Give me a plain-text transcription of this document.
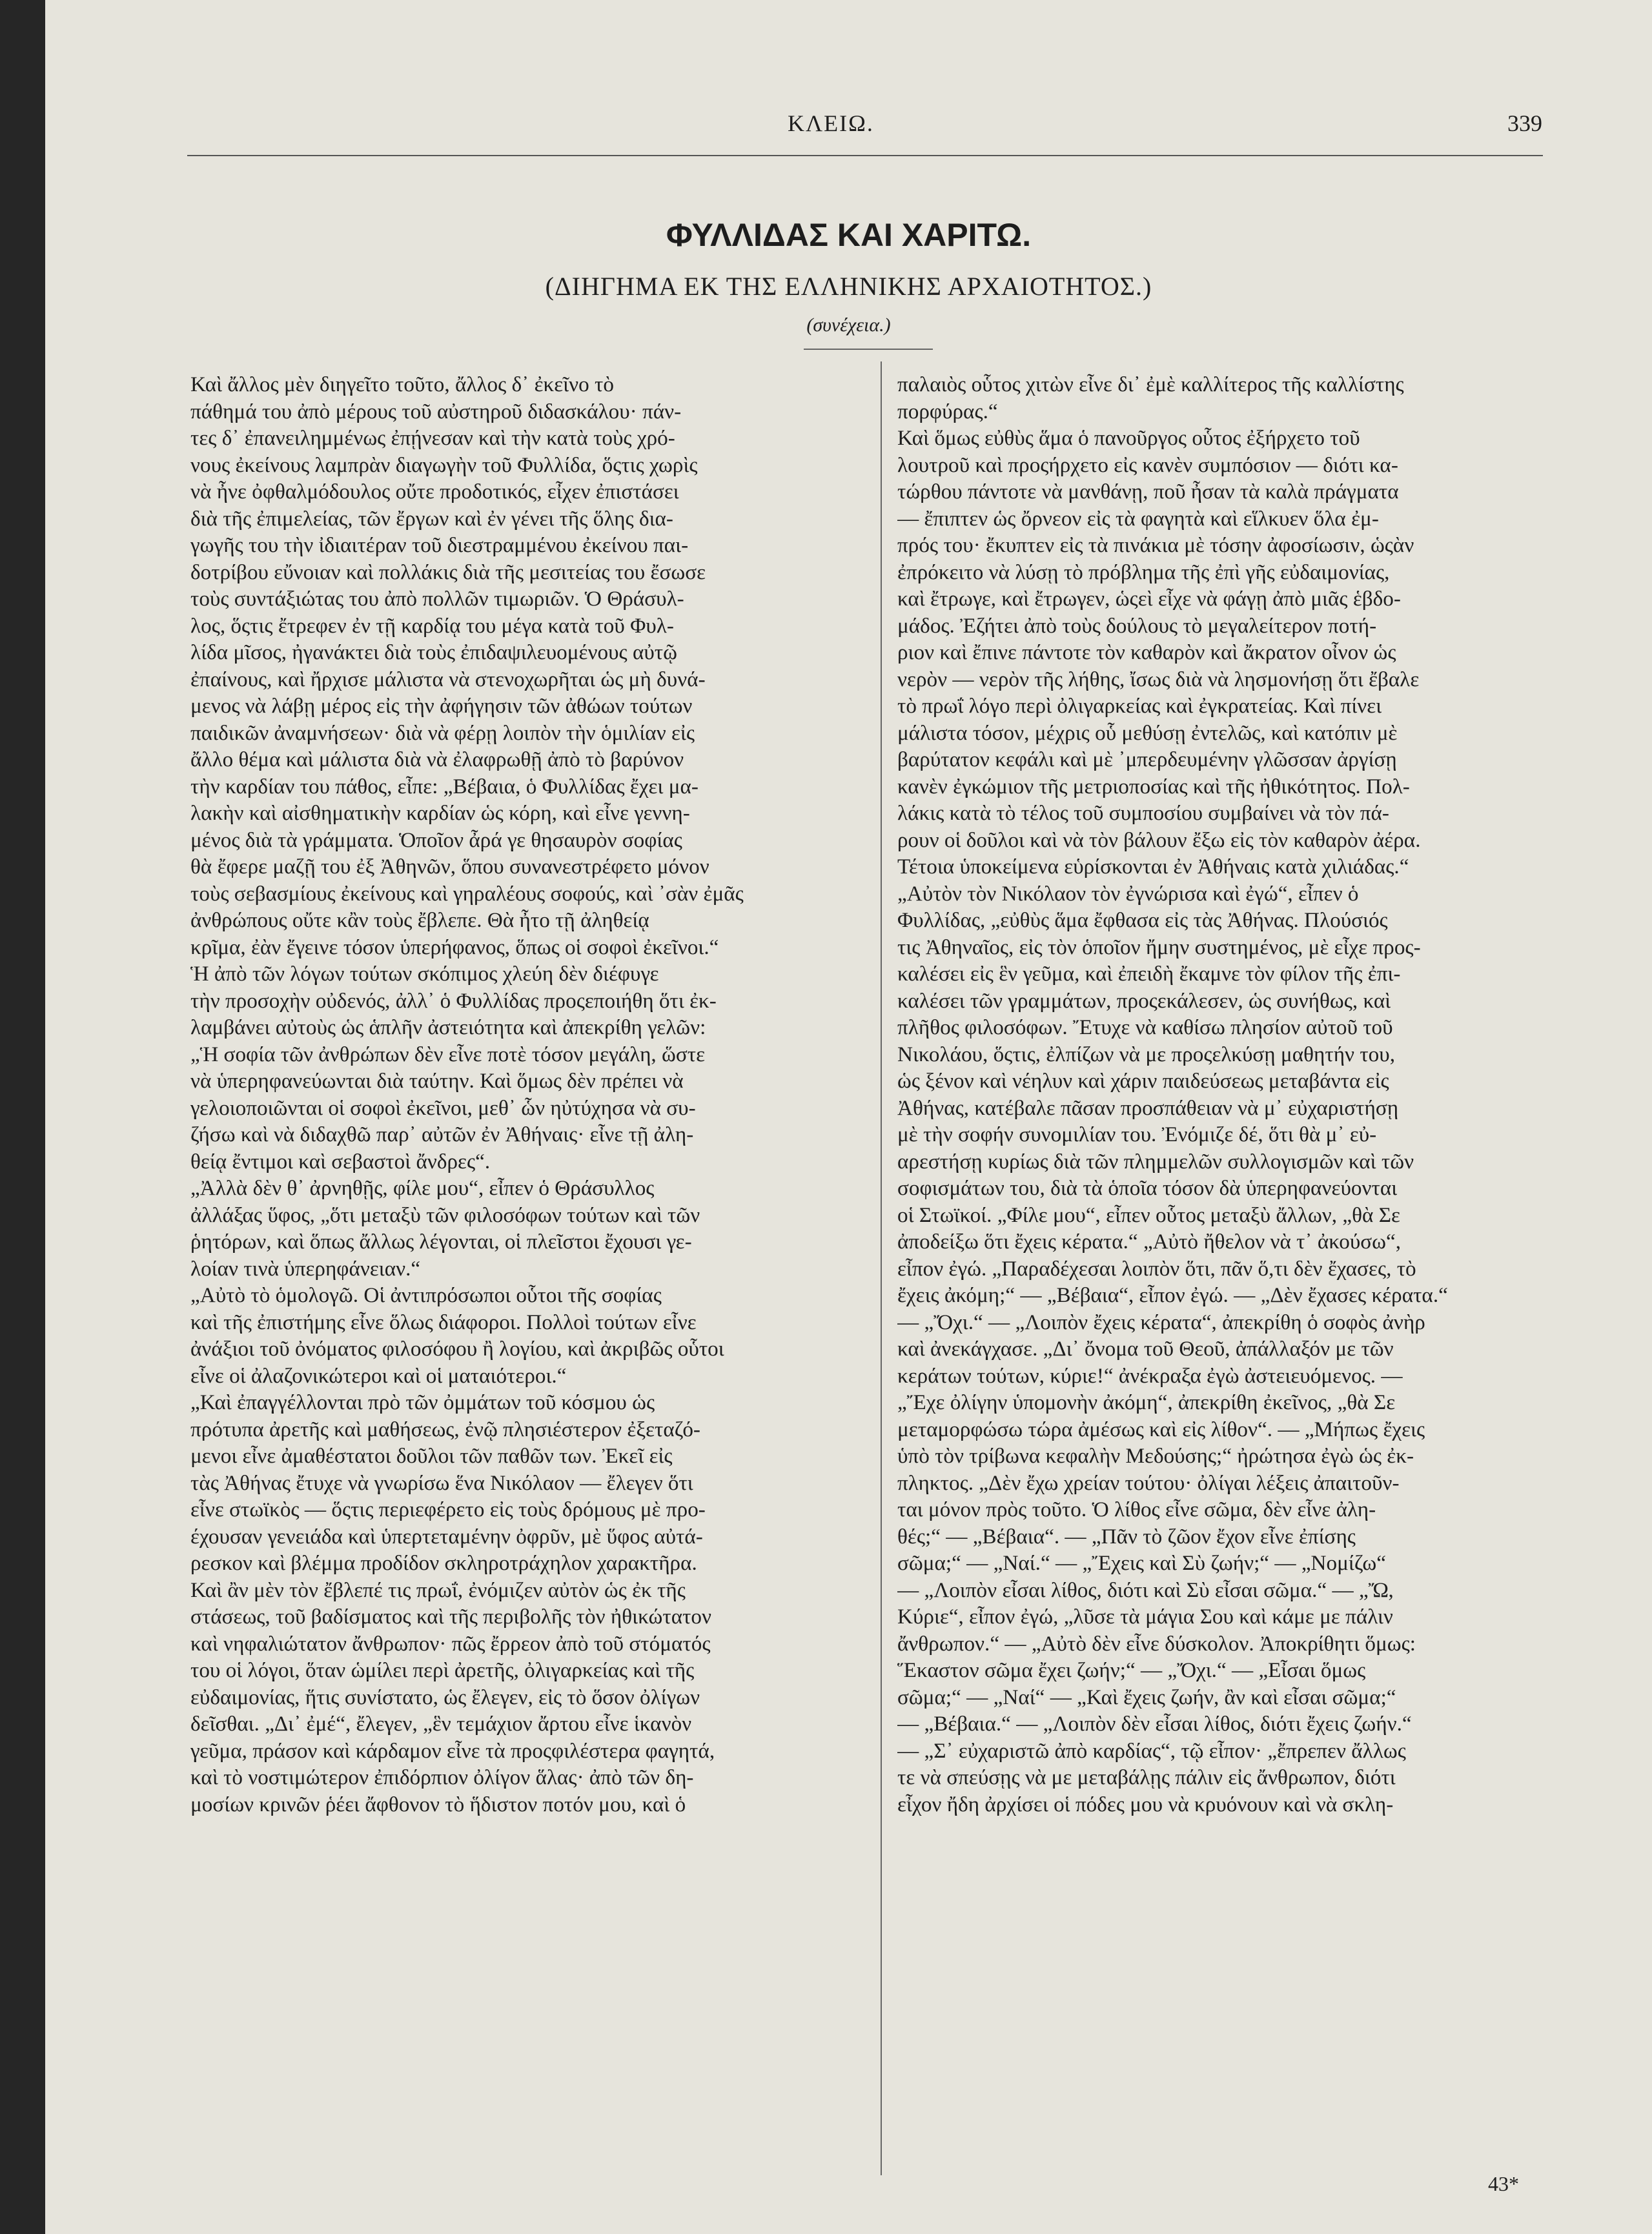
ΚΛΕΙΩ.	339
ΦΥΛΛΙΔΑΣ ΚΑΙ ΧΑΡΙΤΩ.
(ΔΙΗΓΗΜΑ ΕΚ ΤΗΣ ΕΛΛΗΝΙΚΗΣ ΑΡΧΑΙΟΤΗΤΟΣ.)
(συνέχεια.)
Καὶ ἄλλος μὲν διηγεῖτο τοῦτο, ἄλλος δ᾽ ἐκεῖνο τὸ
πάθημά του ἀπὸ μέρους τοῦ αὐστηροῦ διδασκάλου· πάν-
τες δ᾽ ἐπανειλημμένως ἐπῄνεσαν καὶ τὴν κατὰ τοὺς χρό-
νους ἐκείνους λαμπρὰν διαγωγὴν τοῦ Φυλλίδα, ὅςτις χωρὶς
νὰ ἦνε ὀφθαλμόδουλος οὔτε προδοτικός, εἶχεν ἐπιστάσει
διὰ τῆς ἐπιμελείας, τῶν ἔργων καὶ ἐν γένει τῆς ὅλης δια-
γωγῆς του τὴν ἰδιαιτέραν τοῦ διεστραμμένου ἐκείνου παι-
δοτρίβου εὔνοιαν καὶ πολλάκις διὰ τῆς μεσιτείας του ἔσωσε
τοὺς συντάξιώτας του ἀπὸ πολλῶν τιμωριῶν. Ὁ Θράσυλ-
λος, ὅςτις ἔτρεφεν ἐν τῇ καρδίᾳ του μέγα κατὰ τοῦ Φυλ-
λίδα μῖσος, ἠγανάκτει διὰ τοὺς ἐπιδαψιλευομένους αὐτῷ
ἐπαίνους, καὶ ἤρχισε μάλιστα νὰ στενοχωρῆται ὡς μὴ δυνά-
μενος νὰ λάβῃ μέρος εἰς τὴν ἀφήγησιν τῶν ἀθώων τούτων
παιδικῶν ἀναμνήσεων· διὰ νὰ φέρῃ λοιπὸν τὴν ὁμιλίαν εἰς
ἄλλο θέμα καὶ μάλιστα διὰ νὰ ἐλαφρωθῇ ἀπὸ τὸ βαρύνον
τὴν καρδίαν του πάθος, εἶπε: „Βέβαια, ὁ Φυλλίδας ἔχει μα-
λακὴν καὶ αἰσθηματικὴν καρδίαν ὡς κόρη, καὶ εἶνε γεννη-
μένος διὰ τὰ γράμματα. Ὁποῖον ἆρά γε θησαυρὸν σοφίας
θὰ ἔφερε μαζῇ του ἐξ Ἀθηνῶν, ὅπου συνανεστρέφετο μόνον
τοὺς σεβασμίους ἐκείνους καὶ γηραλέους σοφούς, καὶ ᾽σὰν ἐμᾶς
ἀνθρώπους οὔτε κἂν τοὺς ἔβλεπε. Θὰ ἦτο τῇ ἀληθείᾳ
κρῖμα, ἐὰν ἔγεινε τόσον ὑπερήφανος, ὅπως οἱ σοφοὶ ἐκεῖνοι.“
Ἡ ἀπὸ τῶν λόγων τούτων σκόπιμος χλεύη δὲν διέφυγε
τὴν προσοχὴν οὐδενός, ἀλλ᾽ ὁ Φυλλίδας προςεποιήθη ὅτι ἐκ-
λαμβάνει αὐτοὺς ὡς ἁπλῆν ἀστειότητα καὶ ἀπεκρίθη γελῶν:
„Ἡ σοφία τῶν ἀνθρώπων δὲν εἶνε ποτὲ τόσον μεγάλη, ὥστε
νὰ ὑπερηφανεύωνται διὰ ταύτην. Καὶ ὅμως δὲν πρέπει νὰ
γελοιοποιῶνται οἱ σοφοὶ ἐκεῖνοι, μεθ᾽ ὧν ηὐτύχησα νὰ συ-
ζήσω καὶ νὰ διδαχθῶ παρ᾽ αὐτῶν ἐν Ἀθήναις· εἶνε τῇ ἀλη-
θείᾳ ἔντιμοι καὶ σεβαστοὶ ἄνδρες“.
„Ἀλλὰ δὲν θ᾽ ἀρνηθῇς, φίλε μου“, εἶπεν ὁ Θράσυλλος
ἀλλάξας ὕφος, „ὅτι μεταξὺ τῶν φιλοσόφων τούτων καὶ τῶν
ῥητόρων, καὶ ὅπως ἄλλως λέγονται, οἱ πλεῖστοι ἔχουσι γε-
λοίαν τινὰ ὑπερηφάνειαν.“
„Αὐτὸ τὸ ὁμολογῶ. Οἱ ἀντιπρόσωποι οὗτοι τῆς σοφίας
καὶ τῆς ἐπιστήμης εἶνε ὅλως διάφοροι. Πολλοὶ τούτων εἶνε
ἀνάξιοι τοῦ ὀνόματος φιλοσόφου ἢ λογίου, καὶ ἀκριβῶς οὗτοι
εἶνε οἱ ἀλαζονικώτεροι καὶ οἱ ματαιότεροι.“
„Καὶ ἐπαγγέλλονται πρὸ τῶν ὀμμάτων τοῦ κόσμου ὡς
πρότυπα ἀρετῆς καὶ μαθήσεως, ἐνῷ πλησιέστερον ἐξεταζό-
μενοι εἶνε ἀμαθέστατοι δοῦλοι τῶν παθῶν των. Ἐκεῖ εἰς
τὰς Ἀθήνας ἔτυχε νὰ γνωρίσω ἕνα Νικόλαον — ἔλεγεν ὅτι
εἶνε στωϊκὸς — ὅςτις περιεφέρετο εἰς τοὺς δρόμους μὲ προ-
έχουσαν γενειάδα καὶ ὑπερτεταμένην ὀφρῦν, μὲ ὕφος αὐτά-
ρεσκον καὶ βλέμμα προδίδον σκληροτράχηλον χαρακτῆρα.
Καὶ ἂν μὲν τὸν ἔβλεπέ τις πρωΐ, ἐνόμιζεν αὐτὸν ὡς ἐκ τῆς
στάσεως, τοῦ βαδίσματος καὶ τῆς περιβολῆς τὸν ἠθικώτατον
καὶ νηφαλιώτατον ἄνθρωπον· πῶς ἔρρεον ἀπὸ τοῦ στόματός
του οἱ λόγοι, ὅταν ὡμίλει περὶ ἀρετῆς, ὀλιγαρκείας καὶ τῆς
εὐδαιμονίας, ἥτις συνίστατο, ὡς ἔλεγεν, εἰς τὸ ὅσον ὀλίγων
δεῖσθαι. „Δι᾽ ἐμέ“, ἔλεγεν, „ἓν τεμάχιον ἄρτου εἶνε ἱκανὸν
γεῦμα, πράσον καὶ κάρδαμον εἶνε τὰ προςφιλέστερα φαγητά,
καὶ τὸ νοστιμώτερον ἐπιδόρπιον ὀλίγον ἅλας· ἀπὸ τῶν δη-
μοσίων κρινῶν ῥέει ἄφθονον τὸ ἥδιστον ποτόν μου, καὶ ὁ
παλαιὸς οὗτος χιτὼν εἶνε δι᾽ ἐμὲ καλλίτερος τῆς καλλίστης
πορφύρας.“
Καὶ ὅμως εὐθὺς ἅμα ὁ πανοῦργος οὗτος ἐξήρχετο τοῦ
λουτροῦ καὶ προςήρχετο εἰς κανὲν συμπόσιον — διότι κα-
τώρθου πάντοτε νὰ μανθάνῃ, ποῦ ἦσαν τὰ καλὰ πράγματα
— ἔπιπτεν ὡς ὄρνεον εἰς τὰ φαγητὰ καὶ εἵλκυεν ὅλα ἐμ-
πρός του· ἔκυπτεν εἰς τὰ πινάκια μὲ τόσην ἀφοσίωσιν, ὡςὰν
ἐπρόκειτο νὰ λύσῃ τὸ πρόβλημα τῆς ἐπὶ γῆς εὐδαιμονίας,
καὶ ἔτρωγε, καὶ ἔτρωγεν, ὡςεὶ εἶχε νὰ φάγῃ ἀπὸ μιᾶς ἑβδο-
μάδος. Ἐζήτει ἀπὸ τοὺς δούλους τὸ μεγαλείτερον ποτή-
ριον καὶ ἔπινε πάντοτε τὸν καθαρὸν καὶ ἄκρατον οἶνον ὡς
νερὸν — νερὸν τῆς λήθης, ἴσως διὰ νὰ λησμονήσῃ ὅτι ἔβαλε
τὸ πρωΐ λόγο περὶ ὀλιγαρκείας καὶ ἐγκρατείας. Καὶ πίνει
μάλιστα τόσον, μέχρις οὗ μεθύσῃ ἐντελῶς, καὶ κατόπιν μὲ
βαρύτατον κεφάλι καὶ μὲ ᾽μπερδευμένην γλῶσσαν ἀργίσῃ
κανὲν ἐγκώμιον τῆς μετριοποσίας καὶ τῆς ἠθικότητος. Πολ-
λάκις κατὰ τὸ τέλος τοῦ συμποσίου συμβαίνει νὰ τὸν πά-
ρουν οἱ δοῦλοι καὶ νὰ τὸν βάλουν ἔξω εἰς τὸν καθαρὸν ἀέρα.
Τέτοια ὑποκείμενα εὑρίσκονται ἐν Ἀθήναις κατὰ χιλιάδας.“
„Αὐτὸν τὸν Νικόλαον τὸν ἐγνώρισα καὶ ἐγώ“, εἶπεν ὁ
Φυλλίδας, „εὐθὺς ἅμα ἔφθασα εἰς τὰς Ἀθήνας. Πλούσιός
τις Ἀθηναῖος, εἰς τὸν ὁποῖον ἤμην συστημένος, μὲ εἶχε προς-
καλέσει εἰς ἓν γεῦμα, καὶ ἐπειδὴ ἔκαμνε τὸν φίλον τῆς ἐπι-
καλέσει τῶν γραμμάτων, προςεκάλεσεν, ὡς συνήθως, καὶ
πλῆθος φιλοσόφων. Ἔτυχε νὰ καθίσω πλησίον αὐτοῦ τοῦ
Νικολάου, ὅςτις, ἐλπίζων νὰ με προςελκύσῃ μαθητήν του,
ὡς ξένον καὶ νέηλυν καὶ χάριν παιδεύσεως μεταβάντα εἰς
Ἀθήνας, κατέβαλε πᾶσαν προσπάθειαν νὰ μ᾽ εὐχαριστήσῃ
μὲ τὴν σοφήν συνομιλίαν του. Ἐνόμιζε δέ, ὅτι θὰ μ᾽ εὐ-
αρεστήσῃ κυρίως διὰ τῶν πλημμελῶν συλλογισμῶν καὶ τῶν
σοφισμάτων του, διὰ τὰ ὁποῖα τόσον δὰ ὑπερηφανεύονται
οἱ Στωϊκοί. „Φίλε μου“, εἶπεν οὗτος μεταξὺ ἄλλων, „θὰ Σε
ἀποδείξω ὅτι ἔχεις κέρατα.“ „Αὐτὸ ἤθελον νὰ τ᾽ ἀκούσω“,
εἶπον ἐγώ. „Παραδέχεσαι λοιπὸν ὅτι, πᾶν ὅ,τι δὲν ἔχασες, τὸ
ἔχεις ἀκόμη;“ — „Βέβαια“, εἶπον ἐγώ. — „Δὲν ἔχασες κέρατα.“
— „Ὄχι.“ — „Λοιπὸν ἔχεις κέρατα“, ἀπεκρίθη ὁ σοφὸς ἀνὴρ
καὶ ἀνεκάγχασε. „Δι᾽ ὄνομα τοῦ Θεοῦ, ἀπάλλαξόν με τῶν
κεράτων τούτων, κύριε!“ ἀνέκραξα ἐγὼ ἀστειευόμενος. —
„Ἔχε ὀλίγην ὑπομονὴν ἀκόμη“, ἀπεκρίθη ἐκεῖνος, „θὰ Σε
μεταμορφώσω τώρα ἀμέσως καὶ εἰς λίθον“. — „Μήπως ἔχεις
ὑπὸ τὸν τρίβωνα κεφαλὴν Μεδούσης;“ ἠρώτησα ἐγὼ ὡς ἐκ-
πληκτος. „Δὲν ἔχω χρείαν τούτου· ὀλίγαι λέξεις ἀπαιτοῦν-
ται μόνον πρὸς τοῦτο. Ὁ λίθος εἶνε σῶμα, δὲν εἶνε ἀλη-
θές;“ — „Βέβαια“. — „Πᾶν τὸ ζῶον ἔχον εἶνε ἐπίσης
σῶμα;“ — „Ναί.“ — „Ἔχεις καὶ Σὺ ζωήν;“ — „Νομίζω“
— „Λοιπὸν εἶσαι λίθος, διότι καὶ Σὺ εἶσαι σῶμα.“ — „Ὤ,
Κύριε“, εἶπον ἐγώ, „λῦσε τὰ μάγια Σου καὶ κάμε με πάλιν
ἄνθρωπον.“ — „Αὐτὸ δὲν εἶνε δύσκολον. Ἀποκρίθητι ὅμως:
Ἕκαστον σῶμα ἔχει ζωήν;“ — „Ὄχι.“ — „Εἶσαι ὅμως
σῶμα;“ — „Ναί“ — „Καὶ ἔχεις ζωήν, ἂν καὶ εἶσαι σῶμα;“
— „Βέβαια.“ — „Λοιπὸν δὲν εἶσαι λίθος, διότι ἔχεις ζωήν.“
— „Σ᾽ εὐχαριστῶ ἀπὸ καρδίας“, τῷ εἶπον· „ἔπρεπεν ἄλλως
τε νὰ σπεύσῃς νὰ με μεταβάλῃς πάλιν εἰς ἄνθρωπον, διότι
εἶχον ἤδη ἀρχίσει οἱ πόδες μου νὰ κρυόνουν καὶ νὰ σκλη-
43*
